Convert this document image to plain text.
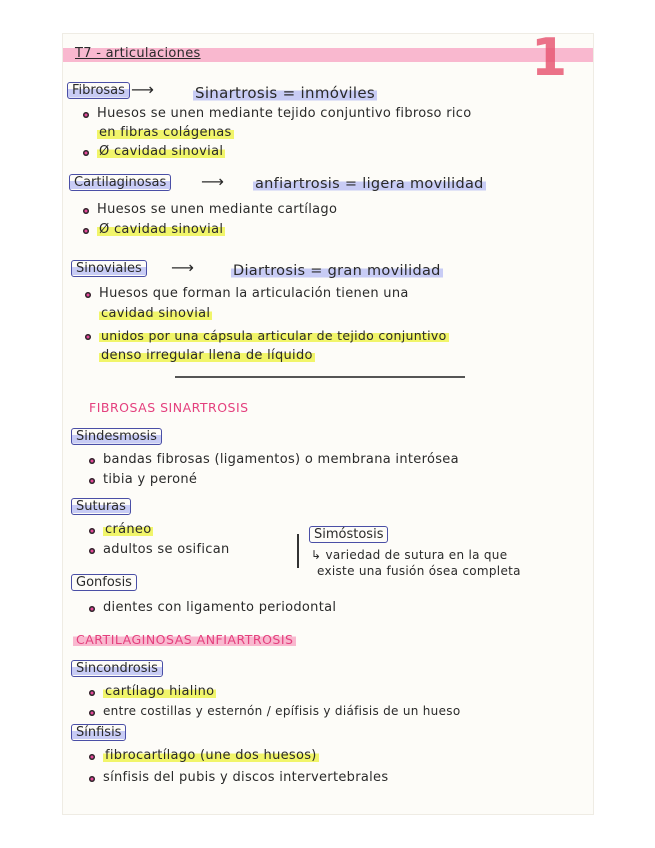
T7 - articulaciones	1
Fibrosas ⟶	Sinartrosis = inmóviles
Huesos se unen mediante tejido conjuntivo fibroso rico
en fibras colágenas
Ø cavidad sinovial
Cartilaginosas	⟶ anfiartrosis = ligera movilidad
Huesos se unen mediante cartílago
Ø cavidad sinovial
Sinoviales	⟶	Diartrosis = gran movilidad
Huesos que forman la articulación tienen una
cavidad sinovial
unidos por una cápsula articular de tejido conjuntivo
denso irregular llena de líquido
FIBROSAS SINARTROSIS
Sindesmosis
bandas fibrosas (ligamentos) o membrana interósea
tibia y peroné
Suturas
cráneo
adultos se osifican
Simóstosis
↳ variedad de sutura en la que
existe una fusión ósea completa
Gonfosis
dientes con ligamento periodontal
CARTILAGINOSAS ANFIARTROSIS
Sincondrosis
cartílago hialino
entre costillas y esternón / epífisis y diáfisis de un hueso
Sínfisis
fibrocartílago (une dos huesos)
sínfisis del pubis y discos intervertebrales
